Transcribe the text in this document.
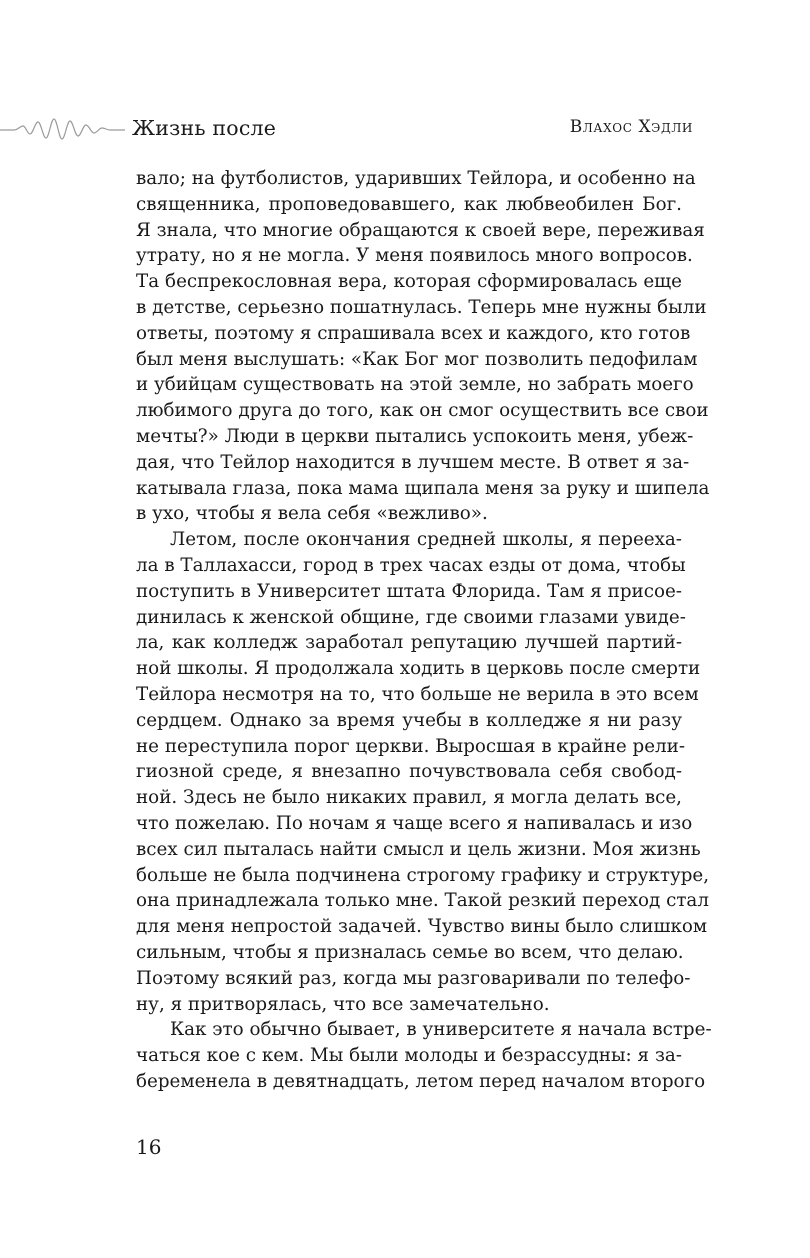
Жизнь после	Влахос Хэдли
вало; на футболистов, ударивших Тейлора, и особенно на
священника, проповедовавшего, как любвеобилен Бог.
Я знала, что многие обращаются к своей вере, переживая
утрату, но я не могла. У меня появилось много вопросов.
Та беспрекословная вера, которая сформировалась еще
в детстве, серьезно пошатнулась. Теперь мне нужны были
ответы, поэтому я спрашивала всех и каждого, кто готов
был меня выслушать: «Как Бог мог позволить педофилам
и убийцам существовать на этой земле, но забрать моего
любимого друга до того, как он смог осуществить все свои
мечты?» Люди в церкви пытались успокоить меня, убеж-
дая, что Тейлор находится в лучшем месте. В ответ я за-
катывала глаза, пока мама щипала меня за руку и шипела
в ухо, чтобы я вела себя «вежливо».
Летом, после окончания средней школы, я переехa-
ла в Таллахасси, город в трех часах езды от дома, чтобы
поступить в Университет штата Флорида. Там я присое-
динилась к женской общине, где своими глазами увиде-
ла, как колледж заработал репутацию лучшей партий-
ной школы. Я продолжала ходить в церковь после смерти
Тейлора несмотря на то, что больше не верила в это всем
сердцем. Однако за время учебы в колледже я ни разу
не переступила порог церкви. Выросшая в крайне рели-
гиозной среде, я внезапно почувствовала себя свобод-
ной. Здесь не было никаких правил, я могла делать все,
что пожелаю. По ночам я чаще всего я напивалась и изо
всех сил пыталась найти смысл и цель жизни. Моя жизнь
больше не была подчинена строгому графику и структуре,
она принадлежала только мне. Такой резкий переход стал
для меня непростой задачей. Чувство вины было слишком
сильным, чтобы я призналась семье во всем, что делаю.
Поэтому всякий раз, когда мы разговаривали по телефо-
ну, я притворялась, что все замечательно.
Как это обычно бывает, в университете я начала встре-
чаться кое с кем. Мы были молоды и безрассудны: я за-
беременела в девятнадцать, летом перед началом второго
16
